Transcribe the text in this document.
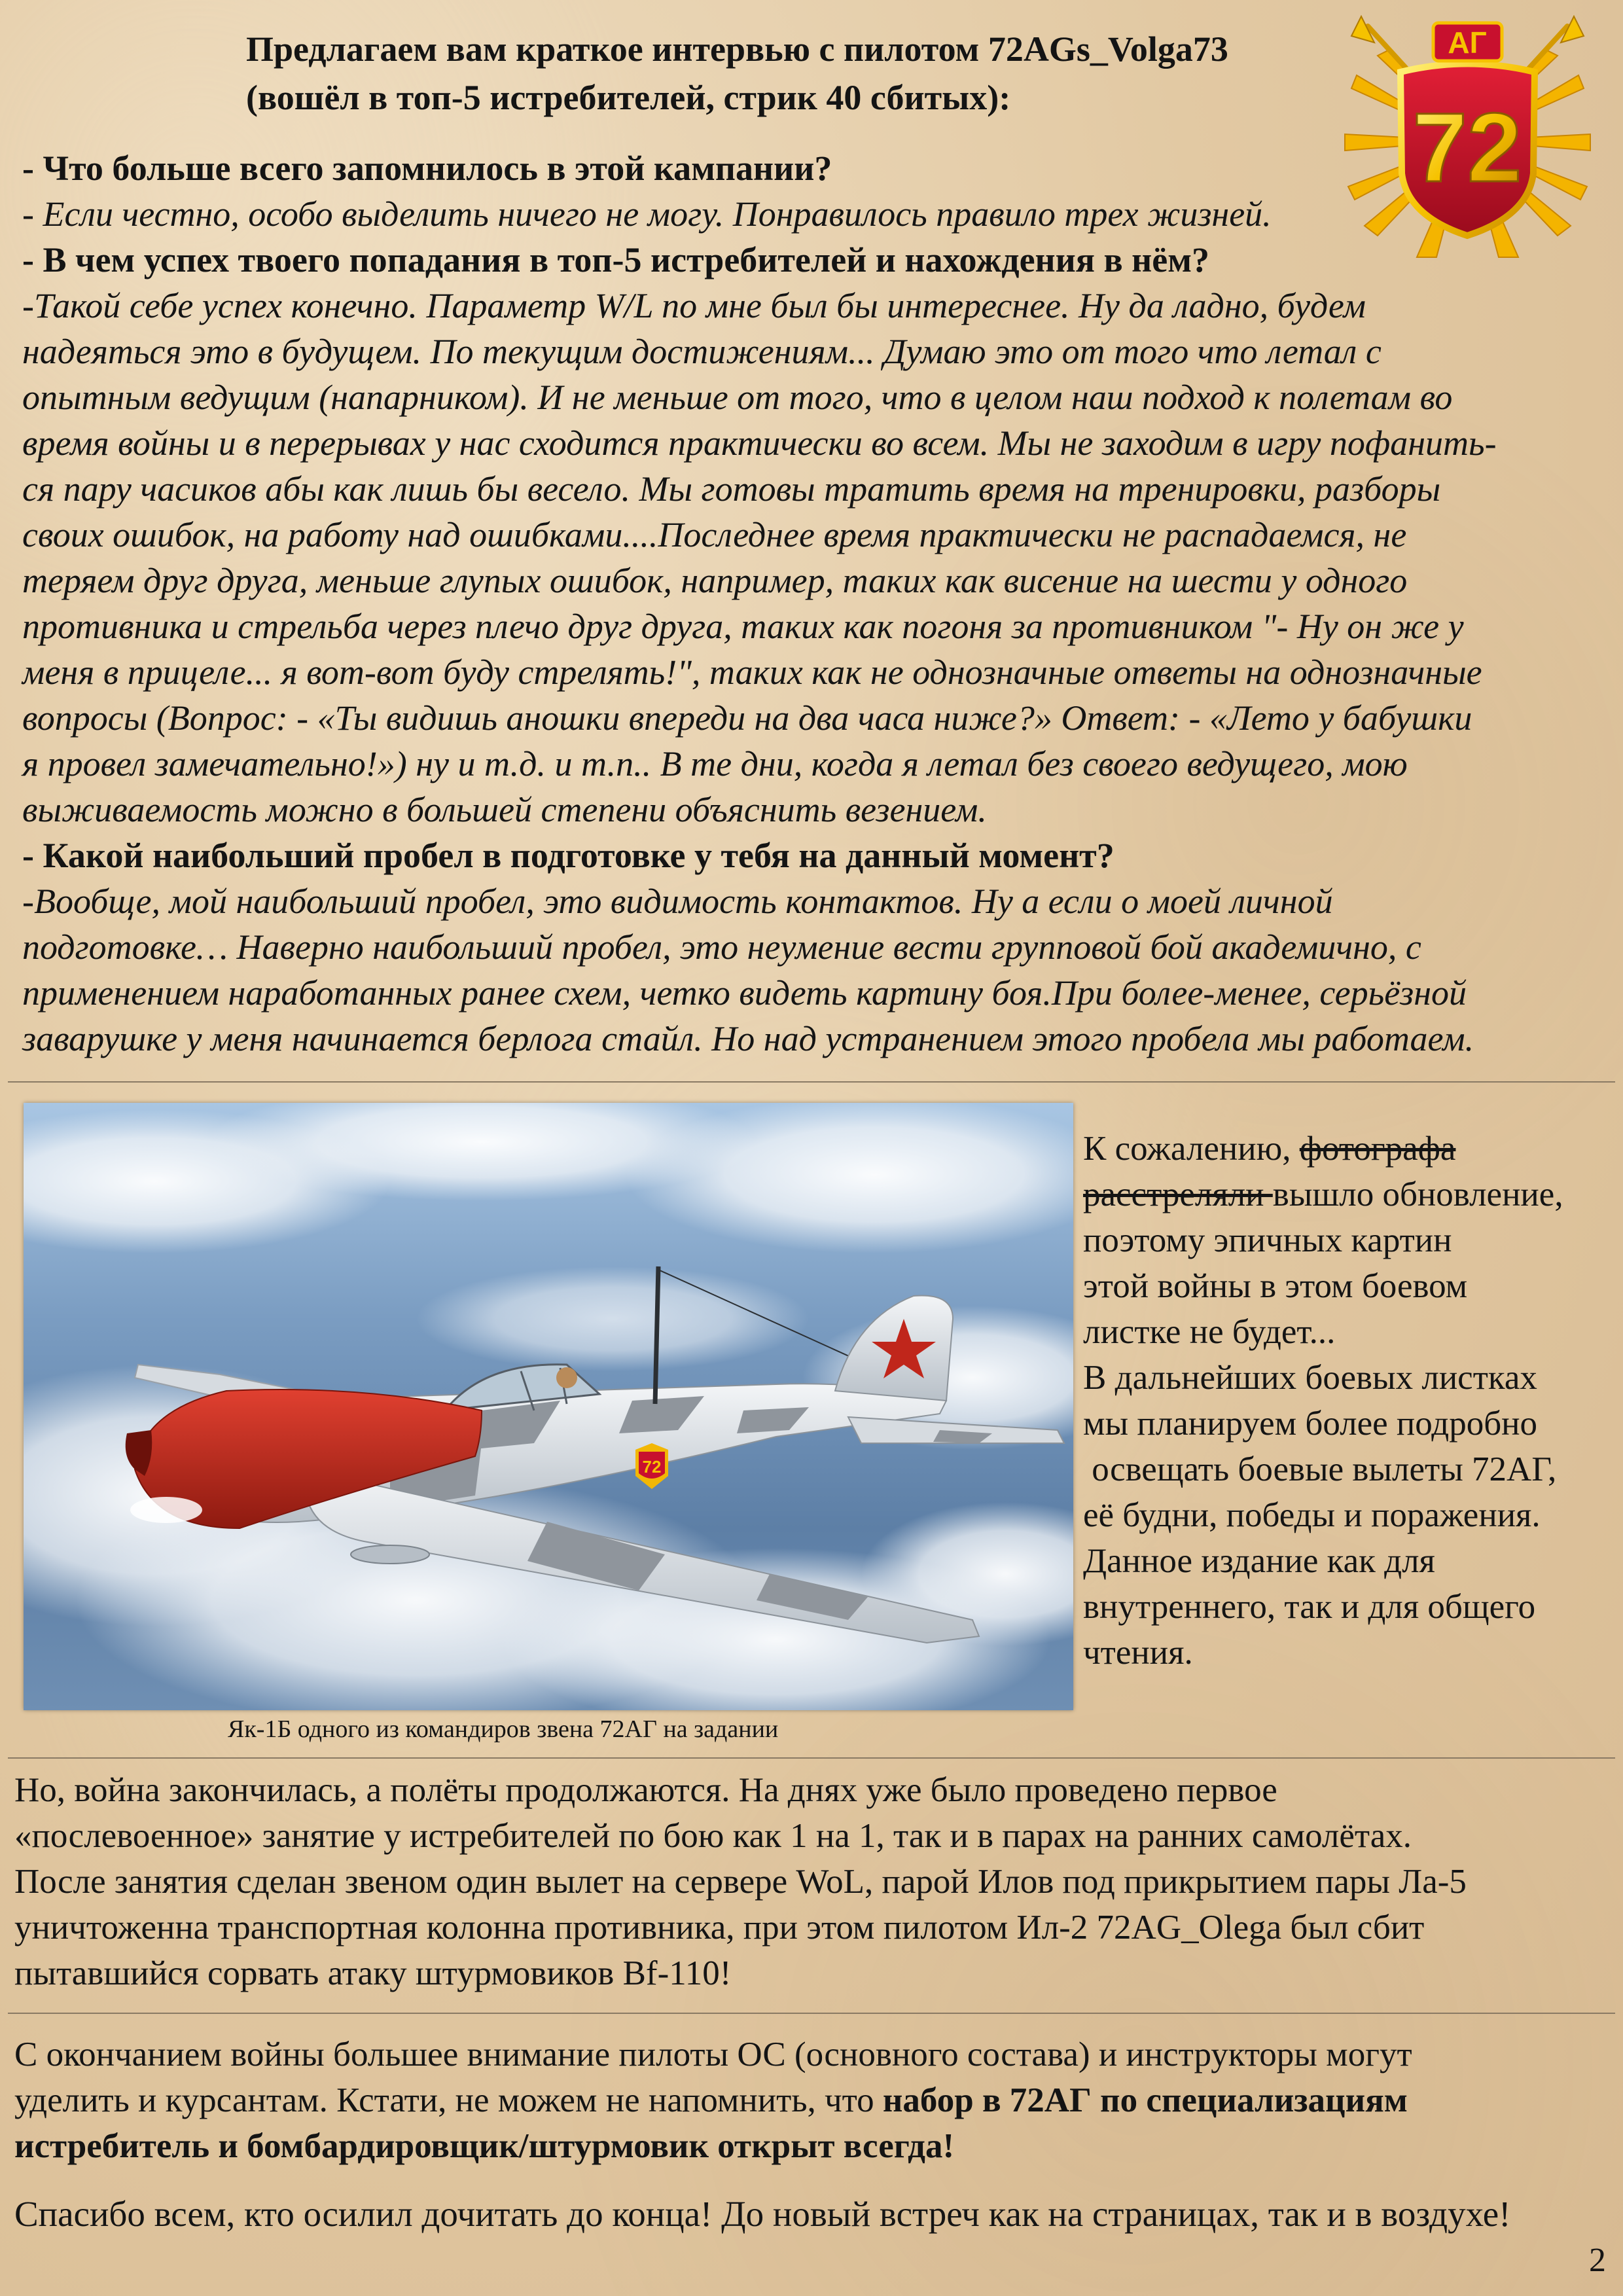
Предлагаем вам краткое интервью с пилотом 72AGs_Volga73
(вошёл в топ-5 истребителей, стрик 40 сбитых):
АГ
72

- Что больше всего запомнилось в этой кампании?

- Если честно, особо выделить ничего не могу. Понравилось правило трех жизней.

- В чем успех твоего попадания в топ-5 истребителей и нахождения в нём?

-Такой себе успех конечно. Параметр W/L по мне был бы интереснее. Ну да ладно, будем

надеяться это в будущем. По текущим достижениям... Думаю это от того что летал с

опытным ведущим (напарником). И не меньше от того, что в целом наш подход к полетам во

время войны и в перерывах у нас сходится практически во всем. Мы не заходим в игру пофанить-

ся пару часиков абы как лишь бы весело. Мы готовы тратить время на тренировки, разборы

своих ошибок, на работу над ошибками....Последнее время практически не распадаемся, не

теряем друг друга, меньше глупых ошибок, например, таких как висение на шести у одного

противника и стрельба через плечо друг друга, таких как погоня за противником "- Ну он же у

меня в прицеле... я вот-вот буду стрелять!", таких как не однозначные ответы на однозначные

вопросы (Вопрос: - «Ты видишь аношки впереди на два часа ниже?» Ответ: - «Лето у бабушки

я провел замечательно!») ну и т.д. и т.п.. В те дни, когда я летал без своего ведущего, мою

выживаемость можно в большей степени объяснить везением.

- Какой наибольший пробел в подготовке у тебя на данный момент?

-Вообще, мой наибольший пробел, это видимость контактов. Ну а если о моей личной

подготовке… Наверно наибольший пробел, это неумение вести групповой бой академично, с

применением наработанных ранее схем, четко видеть картину боя.При более-менее, серьёзной

заварушке у меня начинается берлога стайл. Но над устранением этого пробела мы работаем.

72
Як-1Б одного из командиров звена 72АГ на задании

К сожалению, фотографа

расстреляли вышло обновление,

поэтому эпичных картин

этой войны в этом боевом

листке не будет...

В дальнейших боевых листках

мы планируем более подробно

освещать боевые вылеты 72АГ,

её будни, победы и поражения.

Данное издание как для

внутреннего, так и для общего

чтения.

Но, война закончилась, а полёты продолжаются. На днях уже было проведено первое
«послевоенное» занятие у истребителей по бою как 1 на 1, так и в парах на ранних самолётах.
После занятия сделан звеном один вылет на сервере WoL, парой Илов под прикрытием пары Ла-5
уничтоженна транспортная колонна противника, при этом пилотом Ил-2 72AG_Olega был сбит
пытавшийся сорвать атаку штурмовиков Bf-110!
С окончанием войны большее внимание пилоты ОС (основного состава) и инструкторы могут
уделить и курсантам. Кстати, не можем не напомнить, что набор в 72АГ по специализациям
истребитель и бомбардировщик/штурмовик открыт всегда!
Спасибо всем, кто осилил дочитать до конца! До новый встреч как на страницах, так и в воздухе!
2
